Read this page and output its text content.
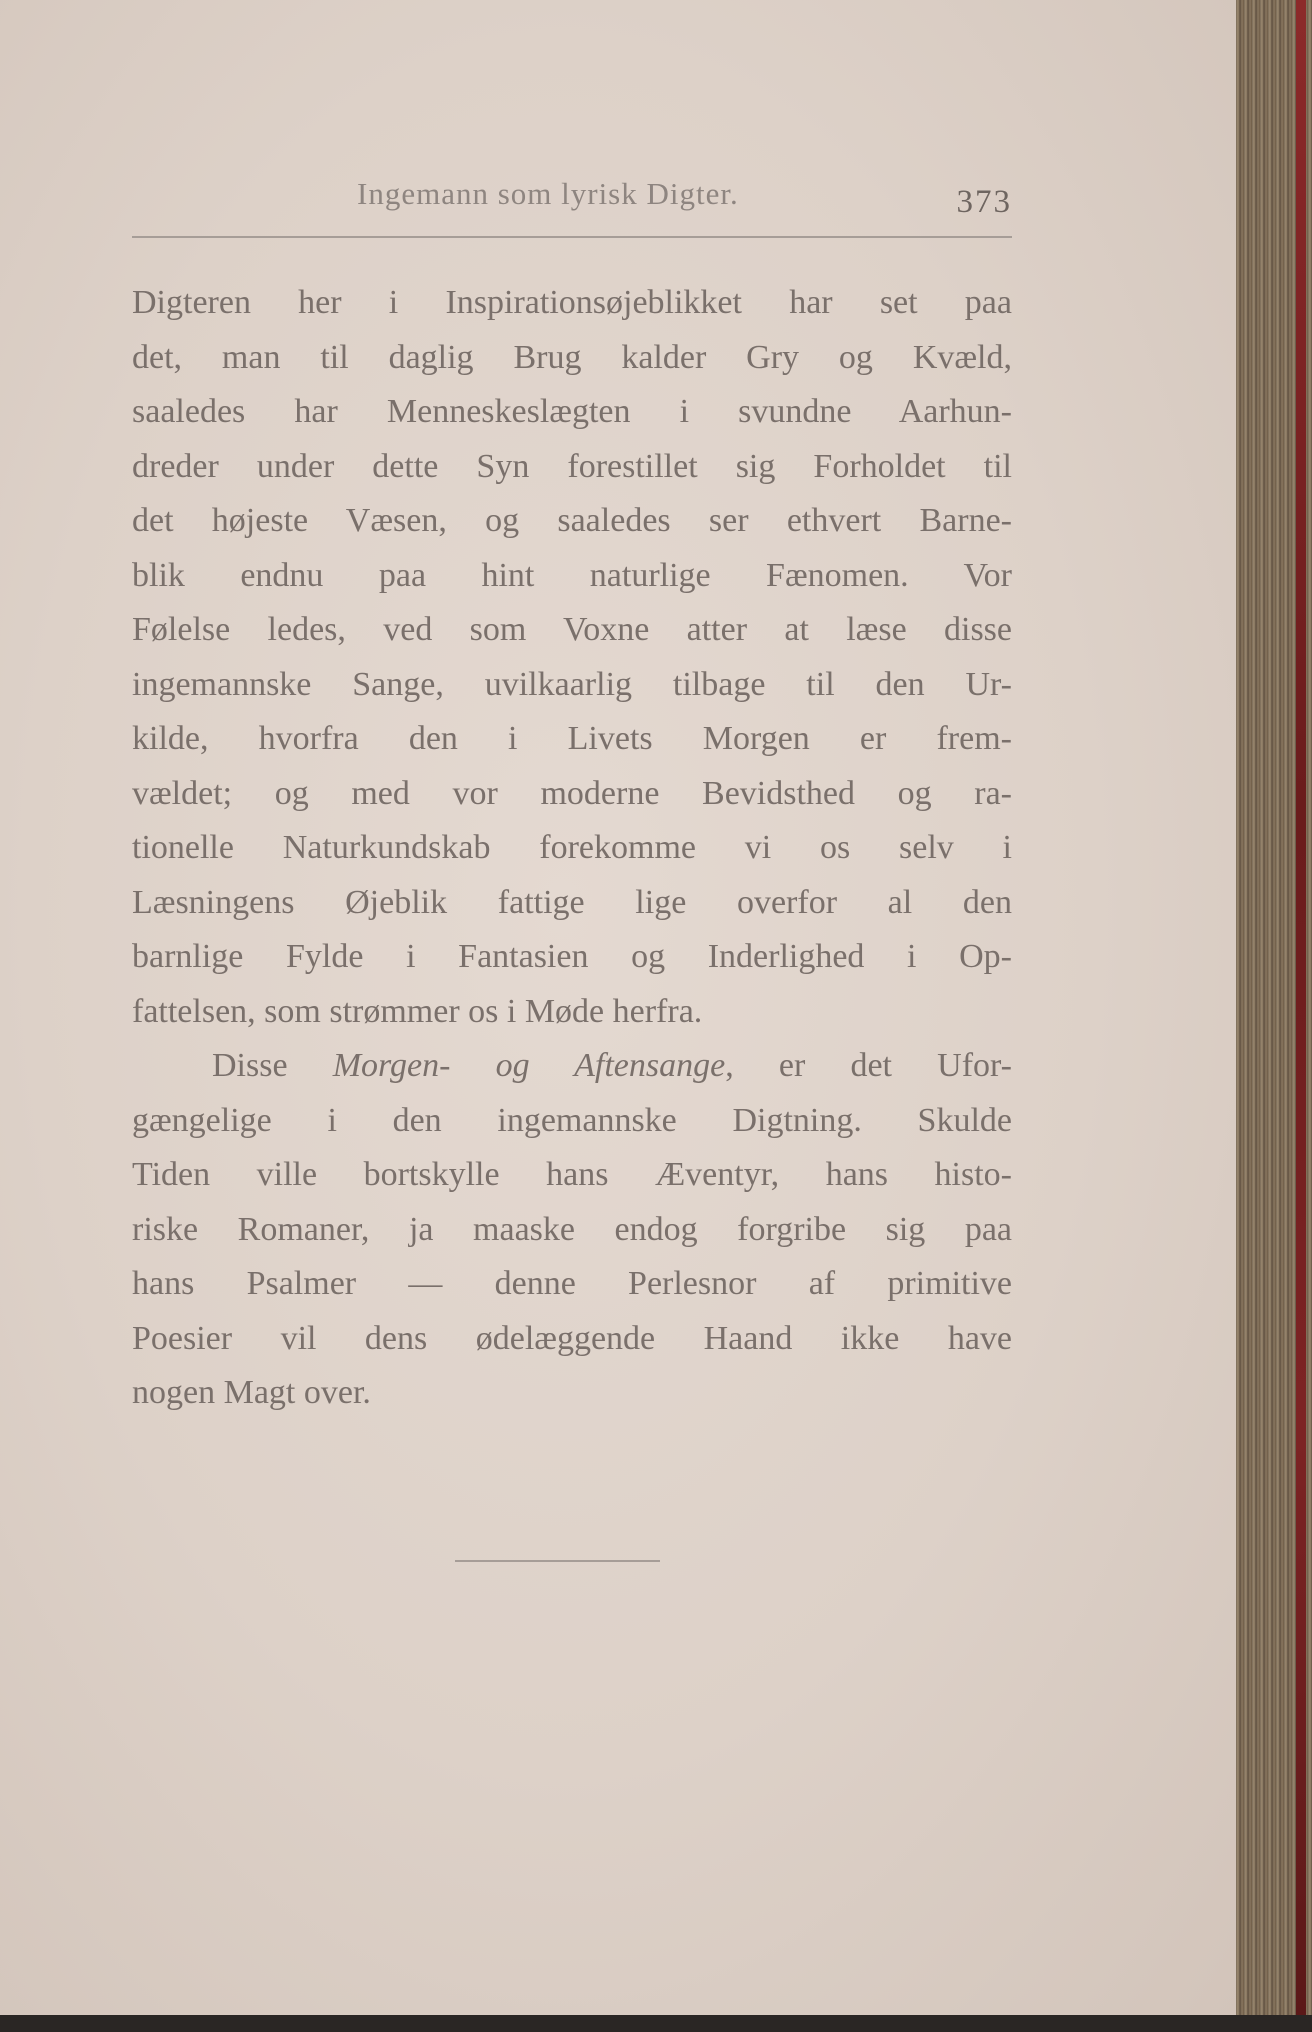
Ingemann som lyrisk Digter.	373
Digteren her i Inspirationsøjeblikket har set paa
det, man til daglig Brug kalder Gry og Kvæld,
saaledes har Menneskeslægten i svundne Aarhun-
dreder under dette Syn forestillet sig Forholdet til
det højeste Væsen, og saaledes ser ethvert Barne-
blik endnu paa hint naturlige Fænomen. Vor
Følelse ledes, ved som Voxne atter at læse disse
ingemannske Sange, uvilkaarlig tilbage til den Ur-
kilde, hvorfra den i Livets Morgen er frem-
vældet; og med vor moderne Bevidsthed og ra-
tionelle Naturkundskab forekomme vi os selv i
Læsningens Øjeblik fattige lige overfor al den
barnlige Fylde i Fantasien og Inderlighed i Op-
fattelsen, som strømmer os i Møde herfra.
Disse Morgen- og Aftensange, er det Ufor-
gængelige i den ingemannske Digtning. Skulde
Tiden ville bortskylle hans Æventyr, hans histo-
riske Romaner, ja maaske endog forgribe sig paa
hans Psalmer — denne Perlesnor af primitive
Poesier vil dens ødelæggende Haand ikke have
nogen Magt over.
